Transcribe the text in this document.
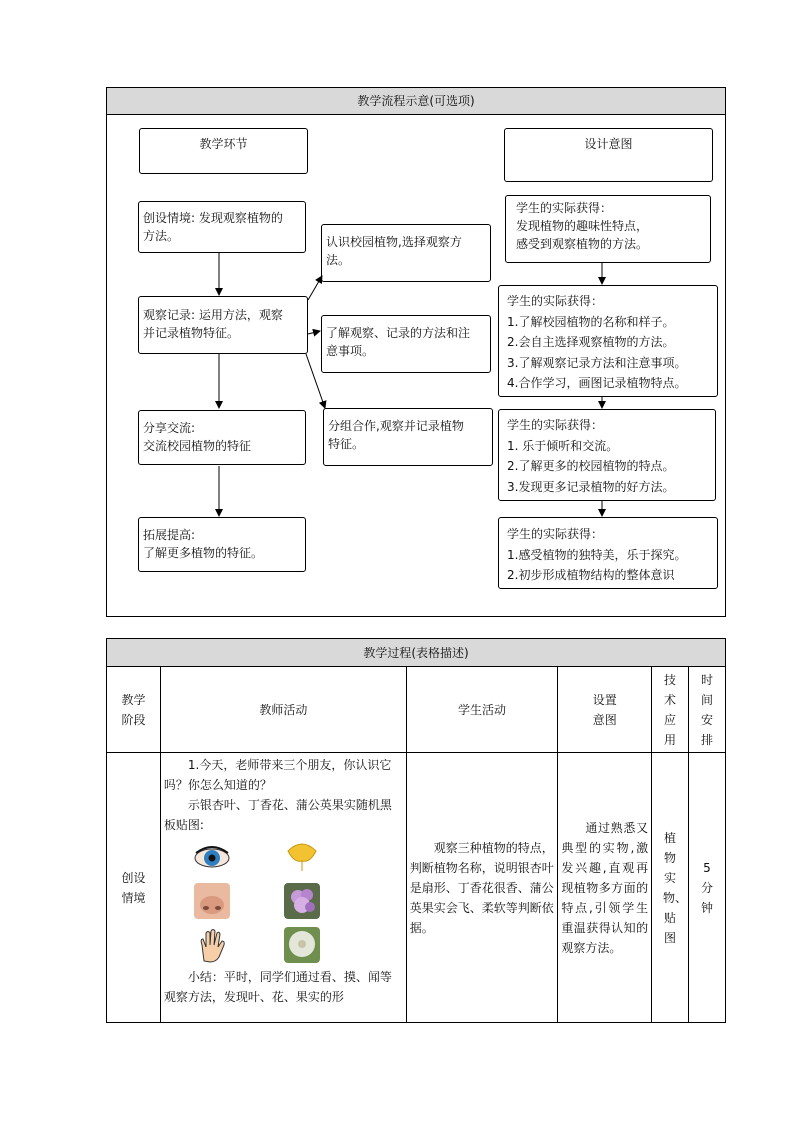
教学流程示意(可选项)
教学环节	设计意图
创设情境: 发现观察植物的
方法。
观察记录: 运用方法，观察
并记录植物特征。
分享交流:
交流校园植物的特征
拓展提高:
了解更多植物的特征。
认识校园植物,选择观察方
法。
了解观察、记录的方法和注
意事项。
分组合作,观察并记录植物
特征。
学生的实际获得：
发现植物的趣味性特点，
感受到观察植物的方法。
学生的实际获得：
1.了解校园植物的名称和样子。
2.会自主选择观察植物的方法。
3.了解观察记录方法和注意事项。
4.合作学习，画图记录植物特点。
学生的实际获得：
1. 乐于倾听和交流。
2.了解更多的校园植物的特点。
3.发现更多记录植物的好方法。
学生的实际获得：
1.感受植物的独特美，乐于探究。
2.初步形成植物结构的整体意识
教学过程(表格描述)
教学阶段	教师活动	学生活动	设置意图	技术应用	时间安排
创设情境	1.今天，老师带来三个朋友，你认识它吗？你怎么知道的？
示银杏叶、丁香花、蒲公英果实随机黑板贴图:
小结：平时，同学们通过看、摸、闻等观察方法，发现叶、花、果实的形	观察三种植物的特点，判断植物名称，说明银杏叶是扇形、丁香花很香、蒲公英果实会飞、柔软等判断依据。	通过熟悉又典型的实物,激发兴趣,直观再现植物多方面的特点,引领学生重温获得认知的观察方法。	植物实物、贴图	5分钟
